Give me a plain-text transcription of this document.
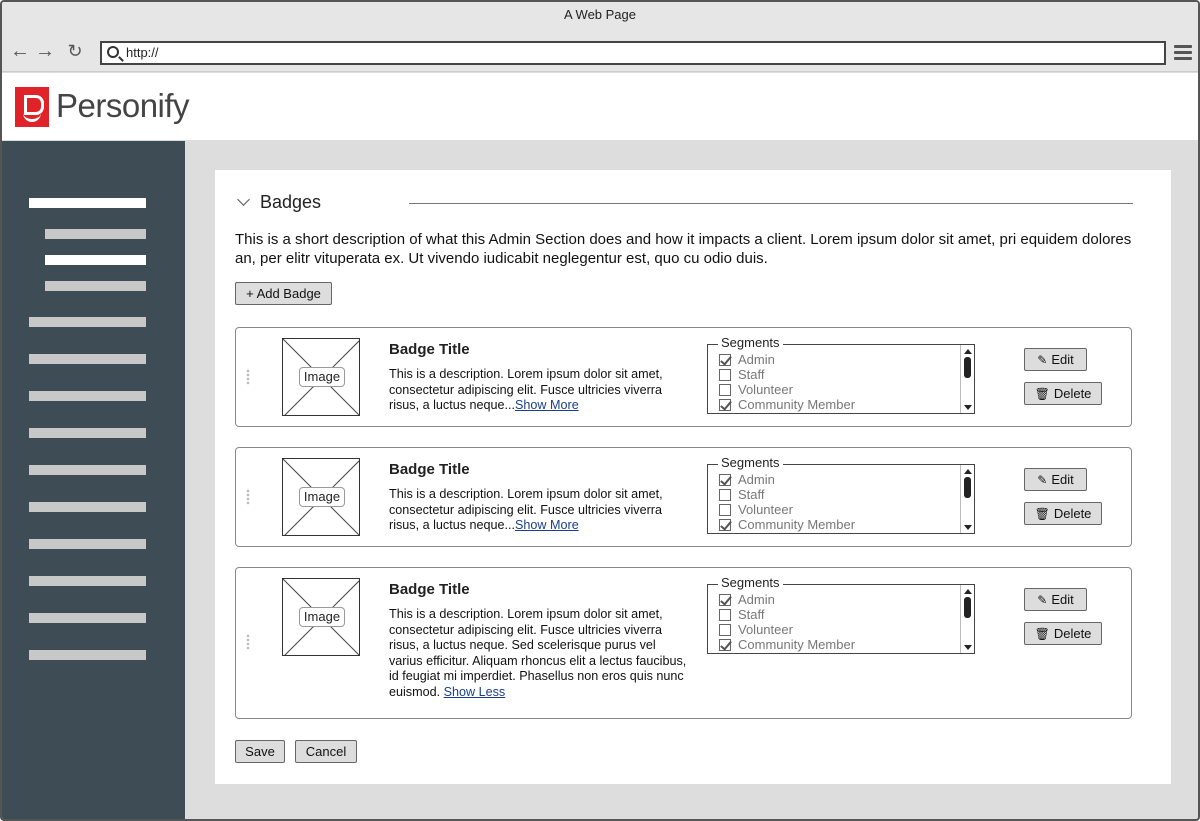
A Web Page
← → ↻	http://
Personify
Badges
This is a short description of what this Admin Section does and how it impacts a client. Lorem ipsum dolor sit amet, pri equidem dolores an, per elitr vituperata ex. Ut vivendo iudicabit neglegentur est, quo cu odio duis.
+ Add Badge
Image
Badge Title
This is a description. Lorem ipsum dolor sit amet, consectetur adipiscing elit. Fusce ultricies viverra risus, a luctus neque...Show More
Segments
Admin
Staff
Volunteer
Community Member
✎ Edit
🗑 Delete
Image
Badge Title
This is a description. Lorem ipsum dolor sit amet, consectetur adipiscing elit. Fusce ultricies viverra risus, a luctus neque...Show More
Segments
Admin
Staff
Volunteer
Community Member
✎ Edit
🗑 Delete
Image
Badge Title
This is a description. Lorem ipsum dolor sit amet, consectetur adipiscing elit. Fusce ultricies viverra risus, a luctus neque. Sed scelerisque purus vel varius efficitur. Aliquam rhoncus elit a lectus faucibus, id feugiat mi imperdiet. Phasellus non eros quis nunc euismod. Show Less
Segments
Admin
Staff
Volunteer
Community Member
✎ Edit
🗑 Delete
Save	Cancel
